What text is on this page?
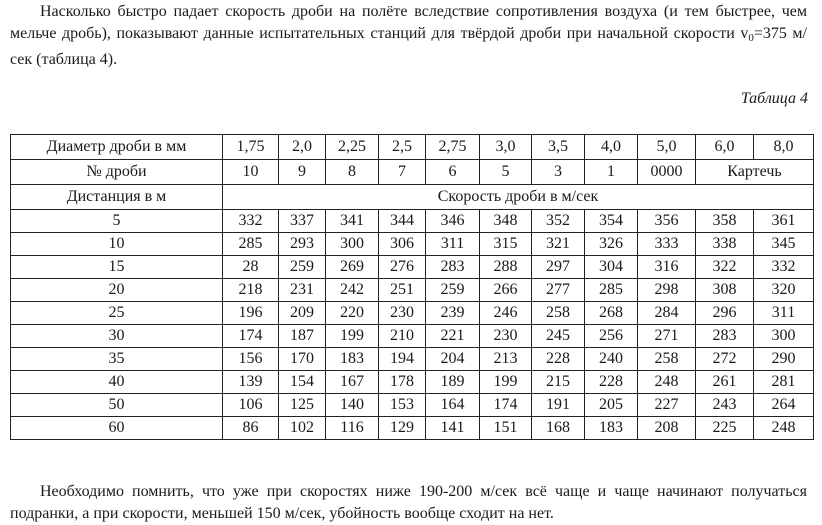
Насколько быстро падает скорость дроби на полёте вследствие сопротивления воздуха (и тем быстрее, чем мельче дробь), показывают данные испытательных станций для твёрдой дроби при начальной скорости $v_0=375$ м/сек (таблица 4).

Таблица 4
Диаметр дроби в мм	1,75	2,0	2,25	2,5	2,75	3,0	3,5	4,0	5,0	6,0	8,0
№ дроби	10	9	8	7	6	5	3	1	0000	Картечь	
Дистанция в м	Скорость дроби в м/сек										
5	332	337	341	344	346	348	352	354	356	358	361
10	285	293	300	306	311	315	321	326	333	338	345
15	28	259	269	276	283	288	297	304	316	322	332
20	218	231	242	251	259	266	277	285	298	308	320
25	196	209	220	230	239	246	258	268	284	296	311
30	174	187	199	210	221	230	245	256	271	283	300
35	156	170	183	194	204	213	228	240	258	272	290
40	139	154	167	178	189	199	215	228	248	261	281
50	106	125	140	153	164	174	191	205	227	243	264
60	86	102	116	129	141	151	168	183	208	225	248

Необходимо помнить, что уже при скоростях ниже 190-200 м/сек всё чаще и чаще начинают получаться подранки, а при скорости, меньшей 150 м/сек, убойность вообще сходит на нет.
